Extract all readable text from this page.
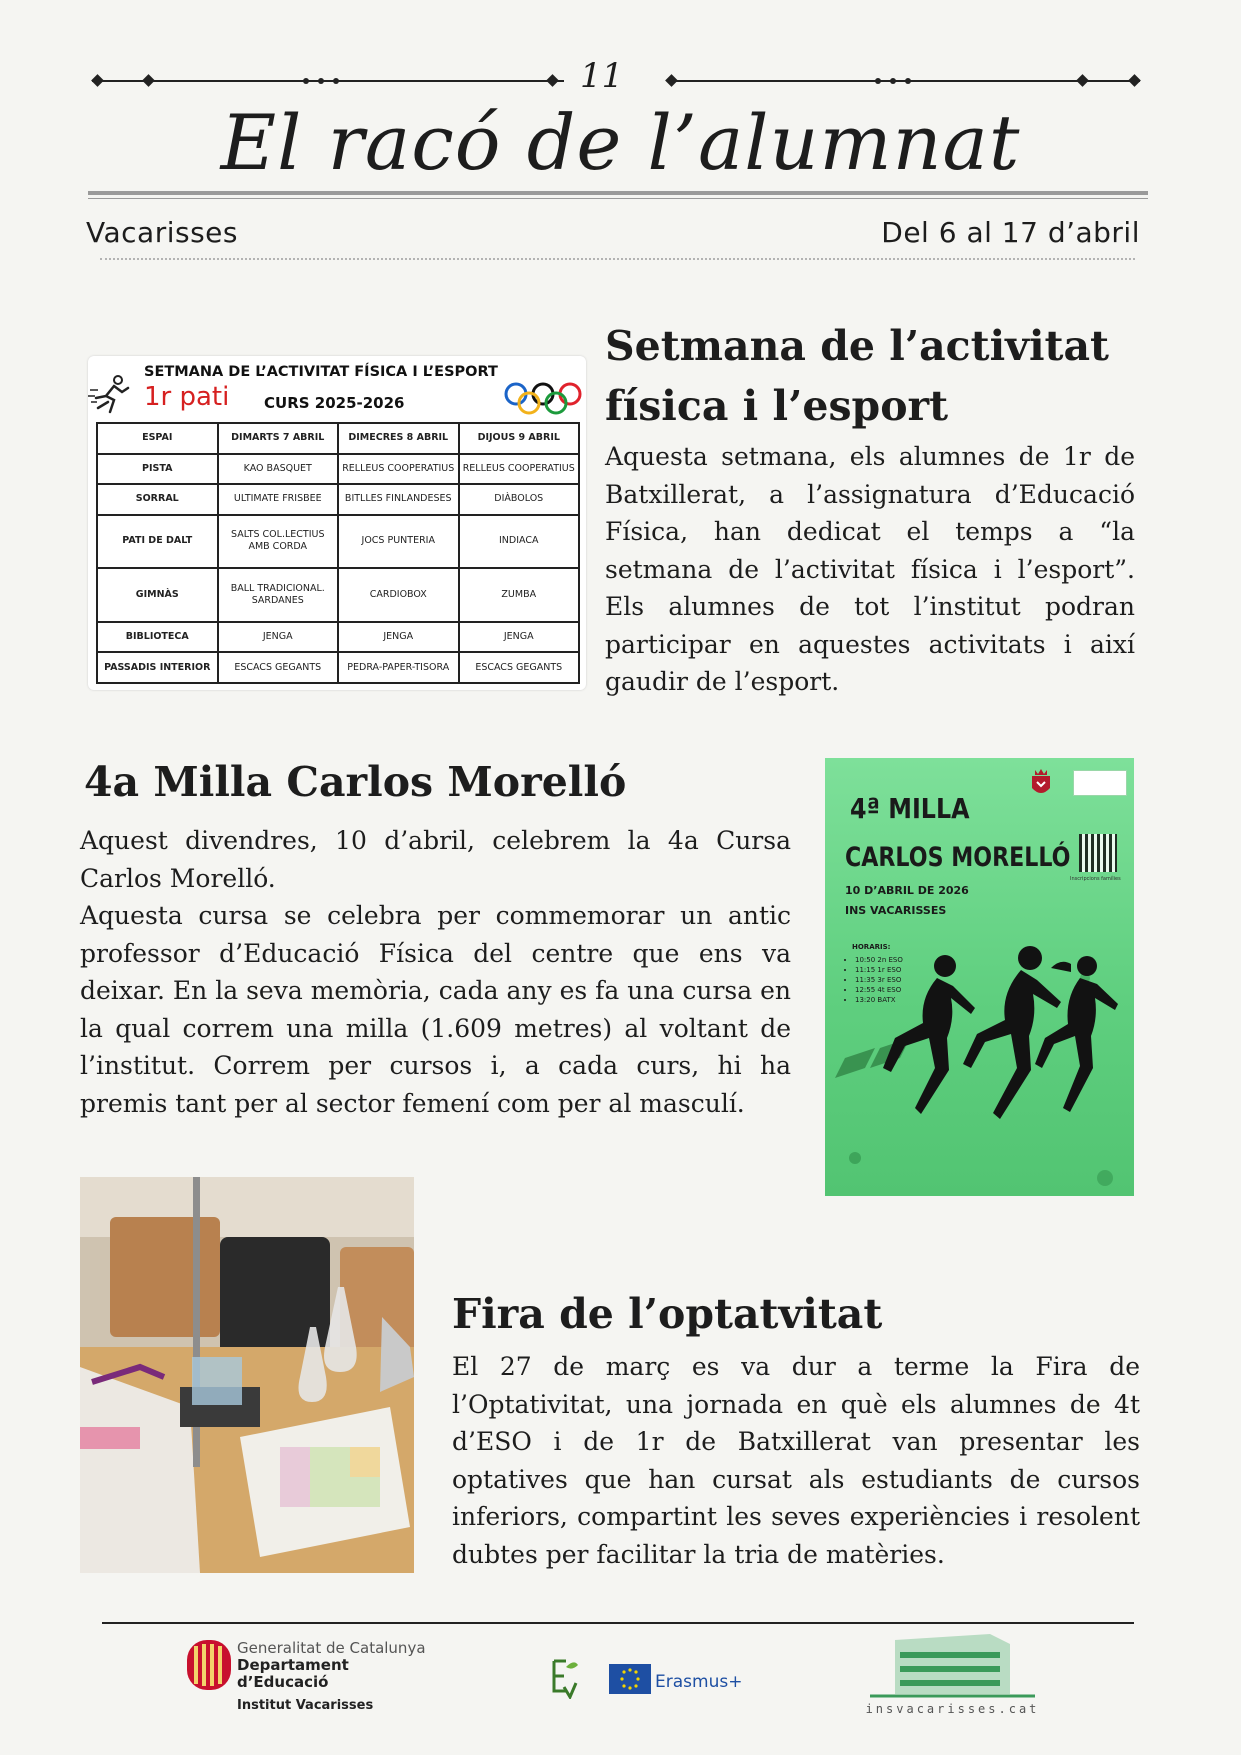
11
El racó de l’alumnat
Vacarisses	Del 6 al 17 d’abril
SETMANA DE L’ACTIVITAT FÍSICA I L’ESPORT
1r pati CURS 2025-2026
ESPAI	DIMARTS 7 ABRIL	DIMECRES 8 ABRIL	DIJOUS 9 ABRIL
PISTA	KAO BASQUET	RELLEUS COOPERATIUS	RELLEUS COOPERATIUS
SORRAL	ULTIMATE FRISBEE	BITLLES FINLANDESES	DIÀBOLOS
PATI DE DALT	SALTS COL.LECTIUS AMB CORDA	JOCS PUNTERIA	INDIACA
GIMNÀS	BALL TRADICIONAL. SARDANES	CARDIOBOX	ZUMBA
BIBLIOTECA	JENGA	JENGA	JENGA
PASSADIS INTERIOR	ESCACS GEGANTS	PEDRA-PAPER-TISORA	ESCACS GEGANTS
Setmana de l’activitat
física i l’esport

Aquesta setmana, els alumnes de 1r de Batxillerat, a l’assignatura d’Educació Física, han dedicat el temps a “la setmana de l’activitat física i l’esport”. Els alumnes de tot l’institut podran participar en aquestes activitats i així gaudir de l’esport.

4a Milla Carlos Morelló

Aquest divendres, 10 d’abril, celebrem la 4a Cursa Carlos Morelló.

Aquesta cursa se celebra per commemorar un antic professor d’Educació Física del centre que ens va deixar. En la seva memòria, cada any es fa una cursa en la qual correm una milla (1.609 metres) al voltant de l’institut. Correm per cursos i, a cada curs, hi ha premis tant per al sector femení com per al masculí.

4ª MILLA
CARLOS MORELLÓ
Inscripcions famílies
10 D’ABRIL DE 2026
INS VACARISSES
HORARIS:
• 10:50 2n ESO
• 11:15 1r ESO
• 11:35 3r ESO
• 12:55 4t ESO
• 13:20 BATX
Fira de l’optatvitat

El 27 de març es va dur a terme la Fira de l’Optativitat, una jornada en què els alumnes de 4t d’ESO i de 1r de Batxillerat van presentar les optatives que han cursat als estudiants de cursos inferiors, compartint les seves experiències i resolent dubtes per facilitar la tria de matèries.

Generalitat de Catalunya
Departament
d’Educació
Institut Vacarisses
Erasmus+
insvacarisses.cat
